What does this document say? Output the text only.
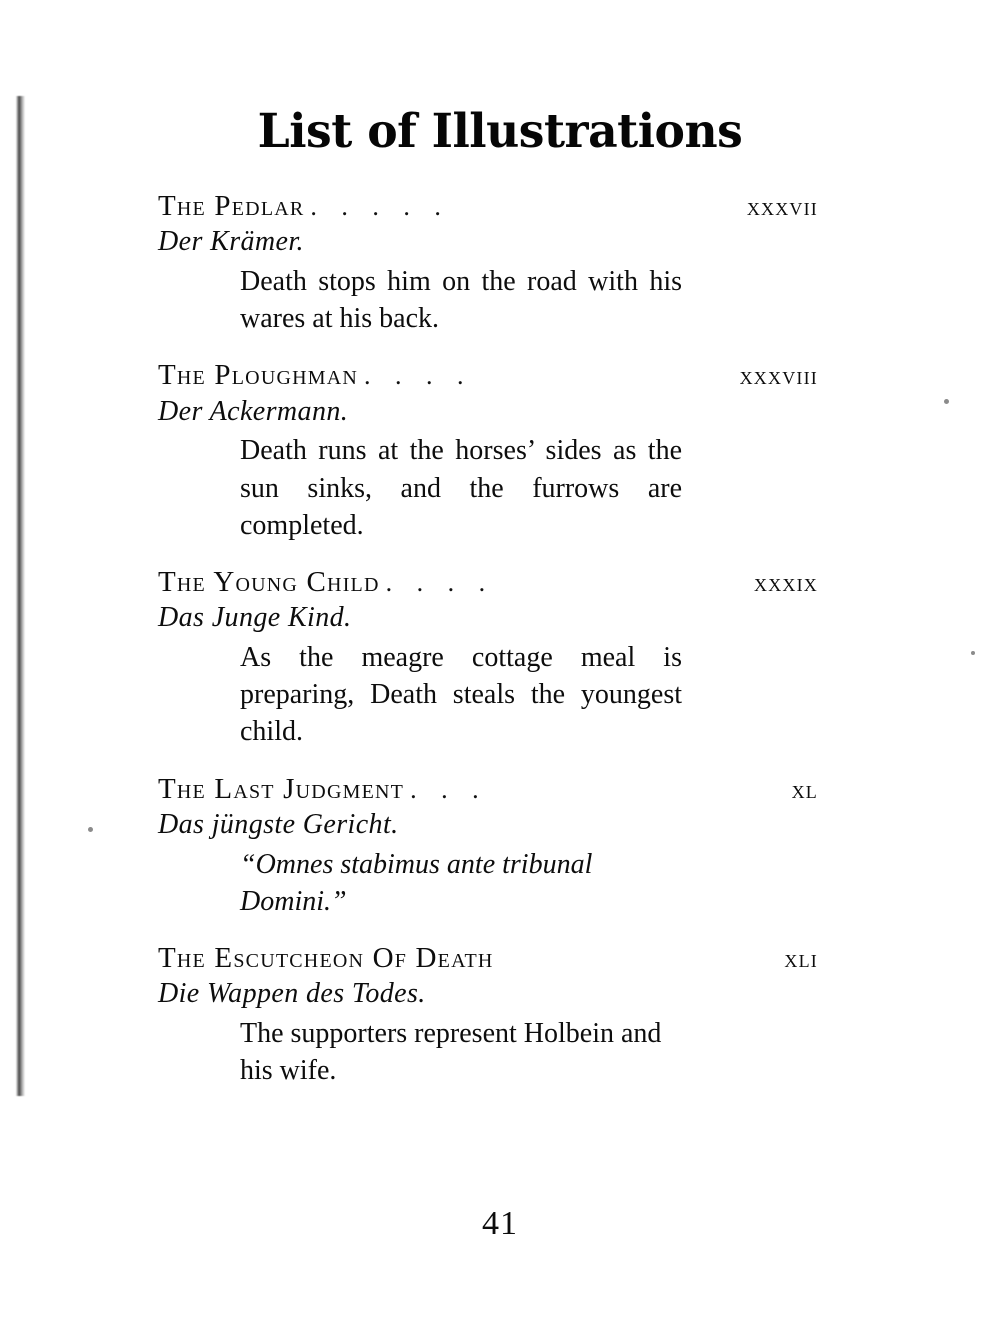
List of Illustrations
The Pedlar . . . . .	xxxvii
Der Krämer.
Death stops him on the road with his wares at his back.
The Ploughman . . . .	xxxviii
Der Ackermann.
Death runs at the horses’ sides as the sun sinks, and the furrows are completed.
The Young Child . . . .	xxxix
Das Junge Kind.
As the meagre cottage meal is preparing, Death steals the youngest child.
The Last Judgment . . .	xl
Das jüngste Gericht.
“Omnes stabimus ante tribunal Domini.”
The Escutcheon Of Death	xli
Die Wappen des Todes.
The supporters represent Holbein and his wife.
41
